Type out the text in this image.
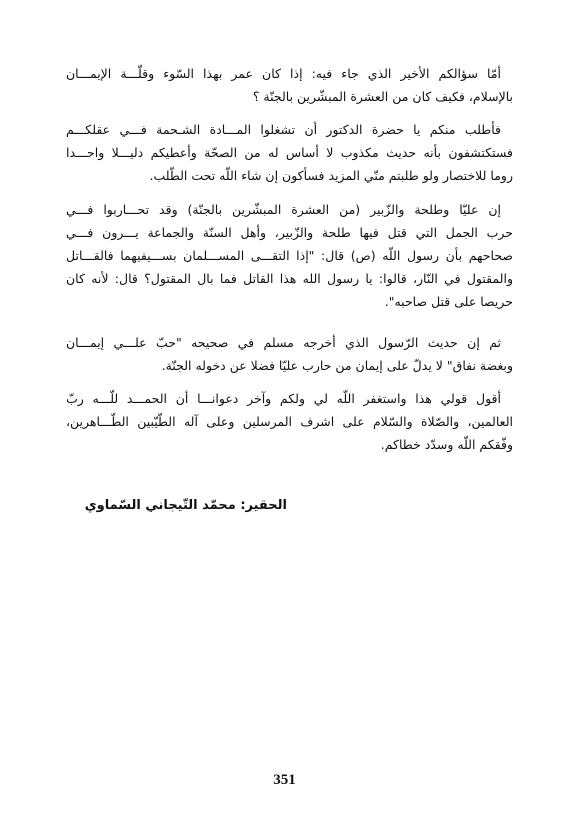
أمّا سؤالكم الأخير الذي جاء فيه: إذا كان عمر بهذا السّوء وقلّـــة الإيمـــان
بالإسلام، فكيف كان من العشرة المبشّرين بالجنّة ؟
فأطلب منكم يا حضرة الدكتور أن تشغلوا المـــادة الشـحمة فـــي عقلكـــم
فستكتشفون بأنه حديث مكذوب لا أساس له من الصحّة وأعطيكم دليـــلا واحـــدا
روما للاختصار ولو طلبتم منّي المزيد فسأكون إن شاء اللّه تحت الطّلب.
إن عليّا وطلحة والزّبير (من العشرة المبشّرين بالجنّة) وقد تحـــاربوا فـــي
حرب الجمل التي قتل فيها طلحة والزّبير، وأهل السنّة والجماعة يـــرون فـــي
صحاحهم بأن رسول اللّه (ص) قال: "إذا التقـــى المســـلمان بســـيفيهما فالقـــاتل
والمقتول في النّار، قالوا: يا رسول الله هذا القاتل فما بال المقتول؟ قال: لأنه كان
حريصا على قتل صاحبه".
ثم إن حديث الرّسول الذي أخرجه مسلم في صحيحه "حبّ علـــي إيمـــان
وبغضة نفاق" لا يدلّ على إيمان من حارب عليّا فضلا عن دخوله الجنّة.
أقول قولي هذا واستغفر اللّه لي ولكم وآخر دعوانـــا أن الحمـــد للّـــه ربّ
العالمين، والصّلاة والسّلام على اشرف المرسلين وعلى آله الطّيّبين الطّـــاهرين،
وفّقكم اللّه وسدّد خطاكم.
الحقير: محمّد التّيجاني السّماوي
351
